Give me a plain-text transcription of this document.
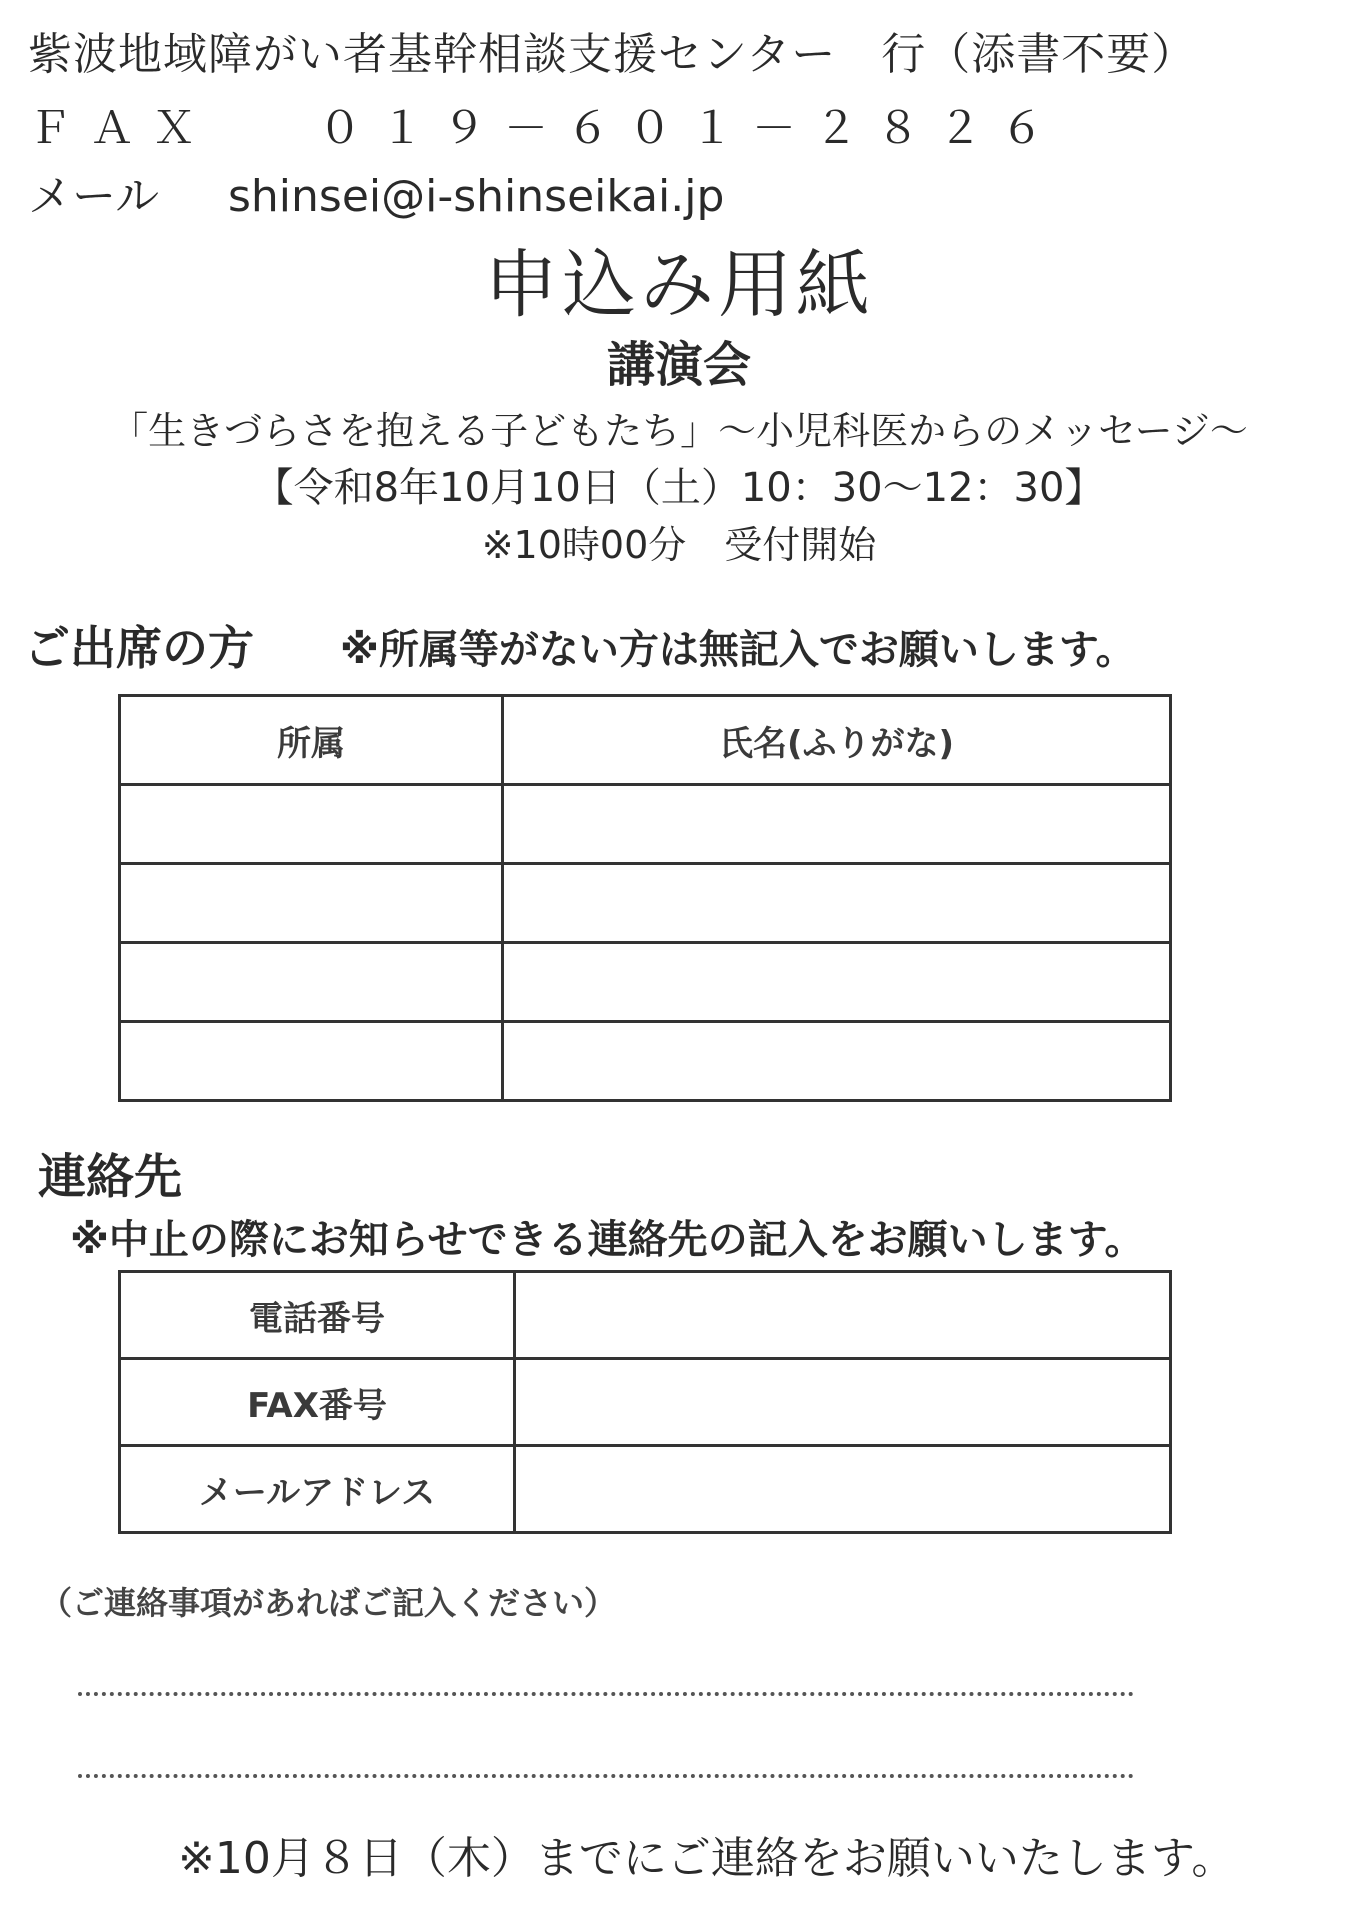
紫波地域障がい者基幹相談支援センター　行（添書不要）
ＦＡＸ ０１９－６０１－２８２６
メール shinsei@i-shinseikai.jp
申込み用紙
講演会
「生きづらさを抱える子どもたち」～小児科医からのメッセージ～
【令和8年10月10日（土）10：30～12：30】
※10時00分　受付開始
ご出席の方 ※所属等がない方は無記入でお願いします。
所属	氏名(ふりがな)

連絡先
※中止の際にお知らせできる連絡先の記入をお願いします。
電話番号	
FAX番号	
メールアドレス	
（ご連絡事項があればご記入ください）
※10月８日（木）までにご連絡をお願いいたします。
